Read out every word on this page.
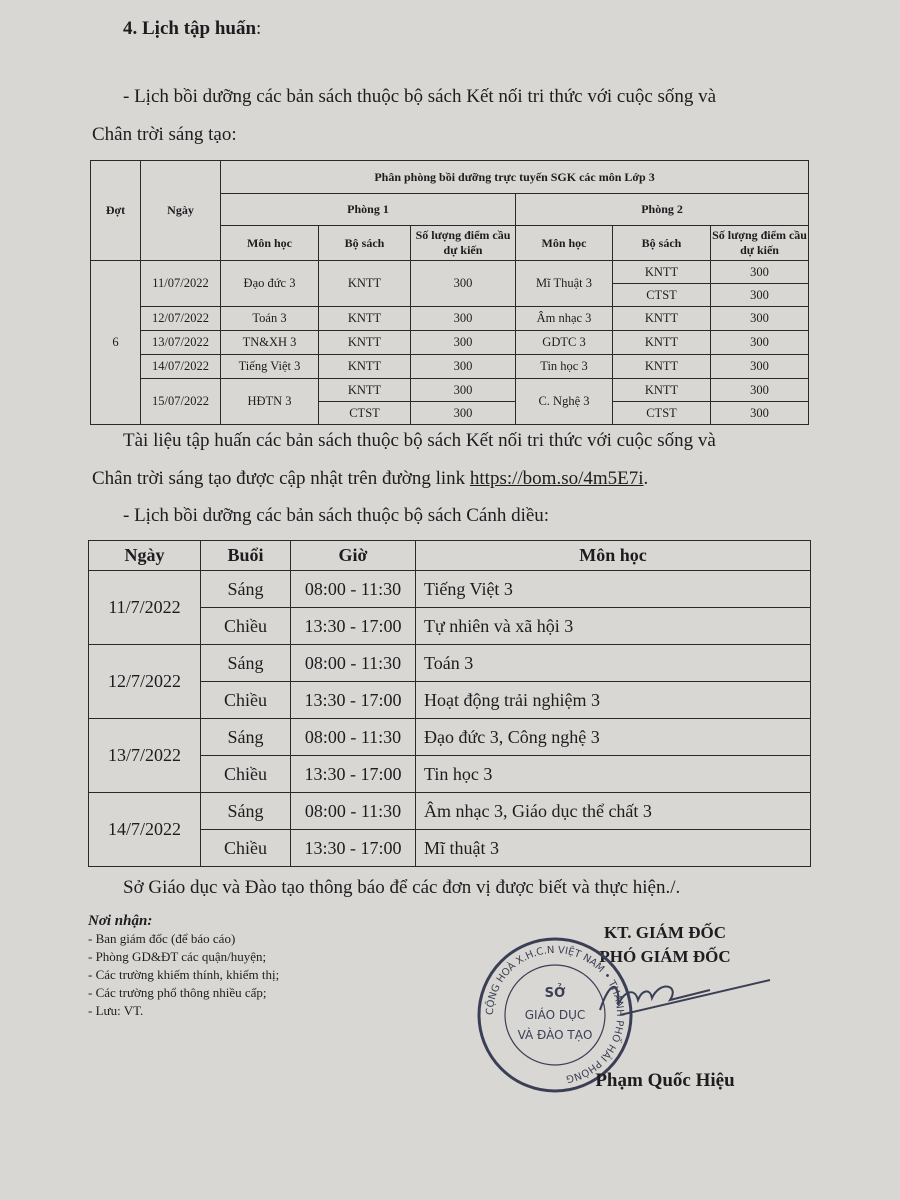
4. Lịch tập huấn:
- Lịch bồi dưỡng các bản sách thuộc bộ sách Kết nối tri thức với cuộc sống và
Chân trời sáng tạo:
Đợt	Ngày	Phân phòng bồi dưỡng trực tuyến SGK các môn Lớp 3					
		Phòng 1			Phòng 2		
		Môn học	Bộ sách	Số lượng điểm cầu dự kiến	Môn học	Bộ sách	Số lượng điểm cầu dự kiến
6	11/07/2022	Đạo đức 3	KNTT	300	Mĩ Thuật 3	KNTT	300
						CTST	300
	12/07/2022	Toán 3	KNTT	300	Âm nhạc 3	KNTT	300
	13/07/2022	TN&XH 3	KNTT	300	GDTC 3	KNTT	300
	14/07/2022	Tiếng Việt 3	KNTT	300	Tin học 3	KNTT	300
	15/07/2022	HĐTN 3	KNTT	300	C. Nghệ 3	KNTT	300
			CTST	300		CTST	300
Tài liệu tập huấn các bản sách thuộc bộ sách Kết nối tri thức với cuộc sống và
Chân trời sáng tạo được cập nhật trên đường link https://bom.so/4m5E7i.
- Lịch bồi dưỡng các bản sách thuộc bộ sách Cánh diều:
Ngày	Buổi	Giờ	Môn học
11/7/2022	Sáng	08:00 - 11:30	Tiếng Việt 3
	Chiều	13:30 - 17:00	Tự nhiên và xã hội 3
12/7/2022	Sáng	08:00 - 11:30	Toán 3
	Chiều	13:30 - 17:00	Hoạt động trải nghiệm 3
13/7/2022	Sáng	08:00 - 11:30	Đạo đức 3, Công nghệ 3
	Chiều	13:30 - 17:00	Tin học 3
14/7/2022	Sáng	08:00 - 11:30	Âm nhạc 3, Giáo dục thể chất 3
	Chiều	13:30 - 17:00	Mĩ thuật 3
Sở Giáo dục và Đào tạo thông báo để các đơn vị được biết và thực hiện./.
Nơi nhận:
- Ban giám đốc (để báo cáo)
- Phòng GD&ĐT các quận/huyện;
- Các trường khiếm thính, khiếm thị;
- Các trường phổ thông nhiều cấp;
- Lưu: VT.
KT. GIÁM ĐỐC
PHÓ GIÁM ĐỐC
CỘNG HOÀ X.H.C.N VIỆT NAM • THÀNH PHỐ HẢI PHÒNG
SỞ
GIÁO DỤC
VÀ ĐÀO TẠO
Phạm Quốc Hiệu
